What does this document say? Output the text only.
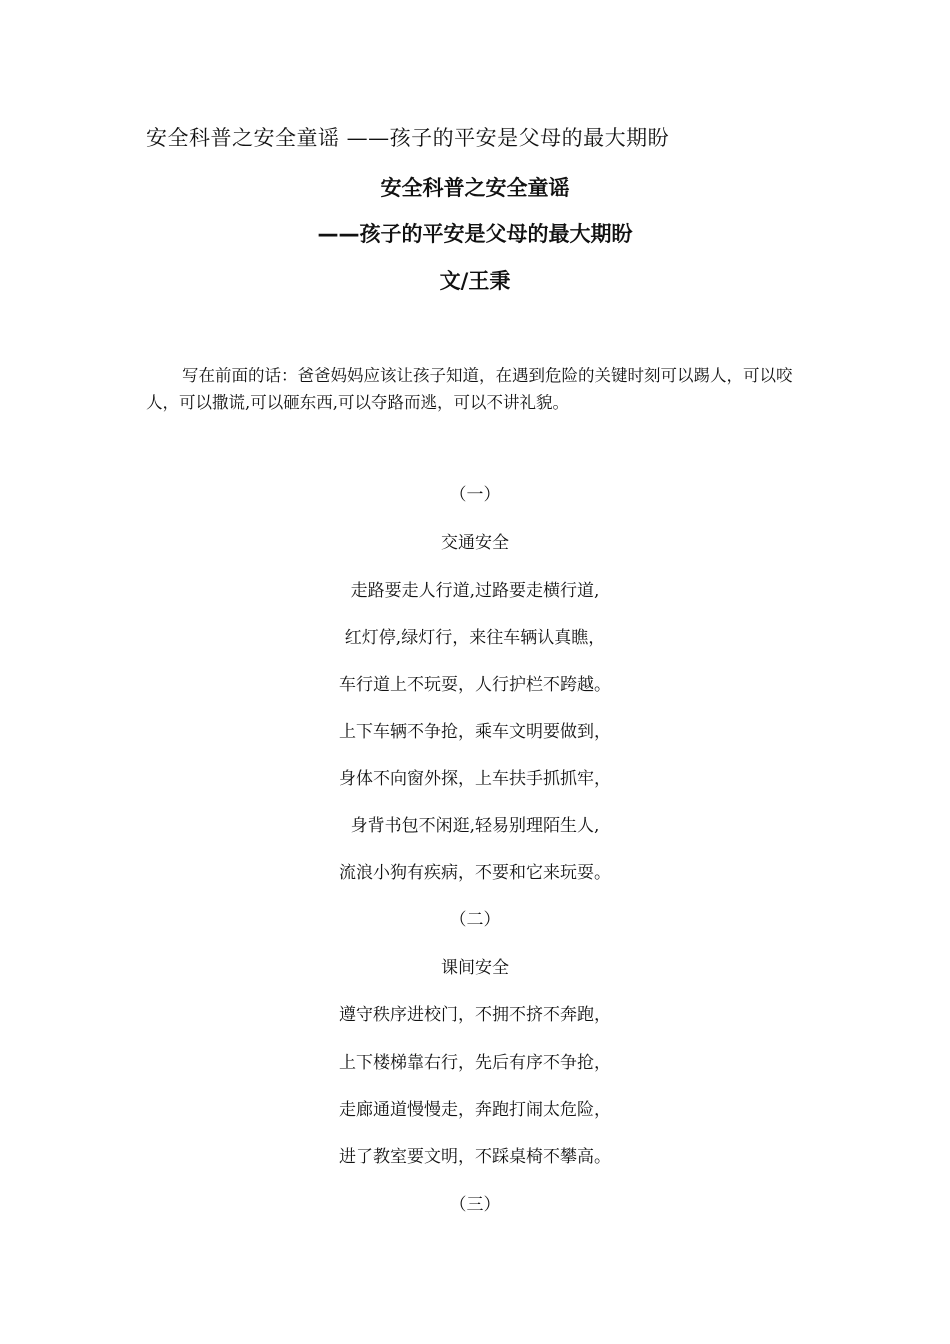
安全科普之安全童谣 ——孩子的平安是父母的最大期盼
安全科普之安全童谣
——孩子的平安是父母的最大期盼
文/王秉
写在前面的话：爸爸妈妈应该让孩子知道，在遇到危险的关键时刻可以踢人，可以咬人，可以撒谎,可以砸东西,可以夺路而逃，可以不讲礼貌。
（一）
交通安全
走路要走人行道,过路要走横行道,
红灯停,绿灯行，来往车辆认真瞧，
车行道上不玩耍，人行护栏不跨越。
上下车辆不争抢，乘车文明要做到，
身体不向窗外探，上车扶手抓抓牢，
身背书包不闲逛,轻易别理陌生人,
流浪小狗有疾病，不要和它来玩耍。
（二）
课间安全
遵守秩序进校门，不拥不挤不奔跑，
上下楼梯靠右行，先后有序不争抢，
走廊通道慢慢走，奔跑打闹太危险，
进了教室要文明，不踩桌椅不攀高。
（三）
